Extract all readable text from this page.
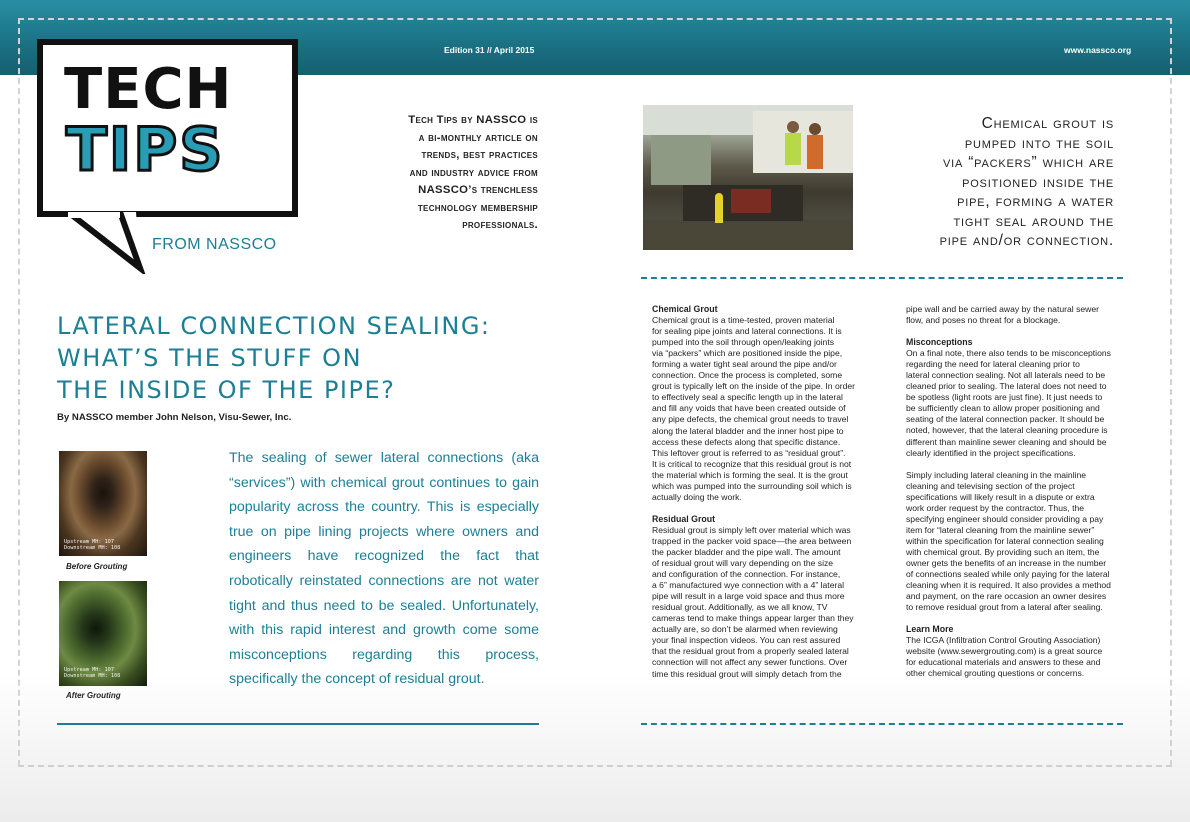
Edition 31 // April 2015	www.nassco.org
TECH
TIPS
FROM NASSCO
Tech Tips by NASSCO is
a bi-monthly article on
trends, best practices
and industry advice from
NASSCO’s trenchless
technology membership
professionals.
LATERAL CONNECTION SEALING:
WHAT’S THE STUFF ON
THE INSIDE OF THE PIPE?
By NASSCO member John Nelson, Visu-Sewer, Inc.
Upstream MH: 107
Downstream MH: 108
Before Grouting
Upstream MH: 107
Downstream MH: 108
After Grouting
The sealing of sewer lateral connections (aka “services”) with chemical grout continues to gain popularity across the country. This is especially true on pipe lining projects where owners and engineers have recognized the fact that robotically reinstated connections are not water tight and thus need to be sealed. Unfortunately, with this rapid interest and growth come some misconceptions regarding this process, specifically the concept of residual grout.
Chemical grout is
pumped into the soil
via “packers” which are
positioned inside the
pipe, forming a water
tight seal around the
pipe and/or connection.
Chemical Grout

Chemical grout is a time-tested, proven material

for sealing pipe joints and lateral connections. It is

pumped into the soil through open/leaking joints

via “packers” which are positioned inside the pipe,

forming a water tight seal around the pipe and/or

connection. Once the process is completed, some

grout is typically left on the inside of the pipe. In order

to effectively seal a specific length up in the lateral

and fill any voids that have been created outside of

any pipe defects, the chemical grout needs to travel

along the lateral bladder and the inner host pipe to

access these defects along that specific distance.

This leftover grout is referred to as “residual grout”.

It is critical to recognize that this residual grout is not

the material which is forming the seal. It is the grout

which was pumped into the surrounding soil which is

actually doing the work.

Residual Grout

Residual grout is simply left over material which was

trapped in the packer void space—the area between

the packer bladder and the pipe wall. The amount

of residual grout will vary depending on the size

and configuration of the connection. For instance,

a 6” manufactured wye connection with a 4” lateral

pipe will result in a large void space and thus more

residual grout. Additionally, as we all know, TV

cameras tend to make things appear larger than they

actually are, so don’t be alarmed when reviewing

your final inspection videos. You can rest assured

that the residual grout from a properly sealed lateral

connection will not affect any sewer functions. Over

time this residual grout will simply detach from the

pipe wall and be carried away by the natural sewer

flow, and poses no threat for a blockage.

Misconceptions

On a final note, there also tends to be misconceptions

regarding the need for lateral cleaning prior to

lateral connection sealing. Not all laterals need to be

cleaned prior to sealing. The lateral does not need to

be spotless (light roots are just fine). It just needs to

be sufficiently clean to allow proper positioning and

seating of the lateral connection packer. It should be

noted, however, that the lateral cleaning procedure is

different than mainline sewer cleaning and should be

clearly identified in the project specifications.

Simply including lateral cleaning in the mainline

cleaning and televising section of the project

specifications will likely result in a dispute or extra

work order request by the contractor. Thus, the

specifying engineer should consider providing a pay

item for “lateral cleaning from the mainline sewer”

within the specification for lateral connection sealing

with chemical grout. By providing such an item, the

owner gets the benefits of an increase in the number

of connections sealed while only paying for the lateral

cleaning when it is required. It also provides a method

and payment, on the rare occasion an owner desires

to remove residual grout from a lateral after sealing.

Learn More

The ICGA (Infiltration Control Grouting Association)

website (www.sewergrouting.com) is a great source

for educational materials and answers to these and

other chemical grouting questions or concerns.
